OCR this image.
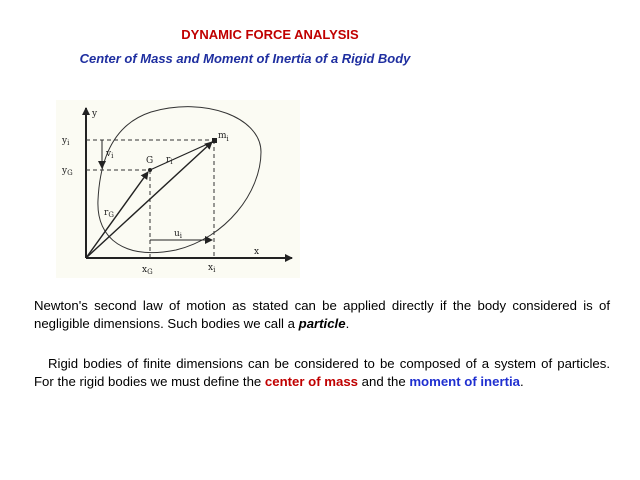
DYNAMIC FORCE ANALYSIS
Center of Mass and Moment of Inertia of a Rigid Body
y
x
$y_i$
$y_G$
$m_i$
G $r_i$
$r_G$
$u_i$
$v_i$
$x_G$	$x_i$

Newton's second law of motion as stated can be applied directly if the body considered is of negligible dimensions. Such bodies we call a particle.

Rigid bodies of finite dimensions can be considered to be composed of a system of particles. For the rigid bodies we must define the center of mass and the moment of inertia.
